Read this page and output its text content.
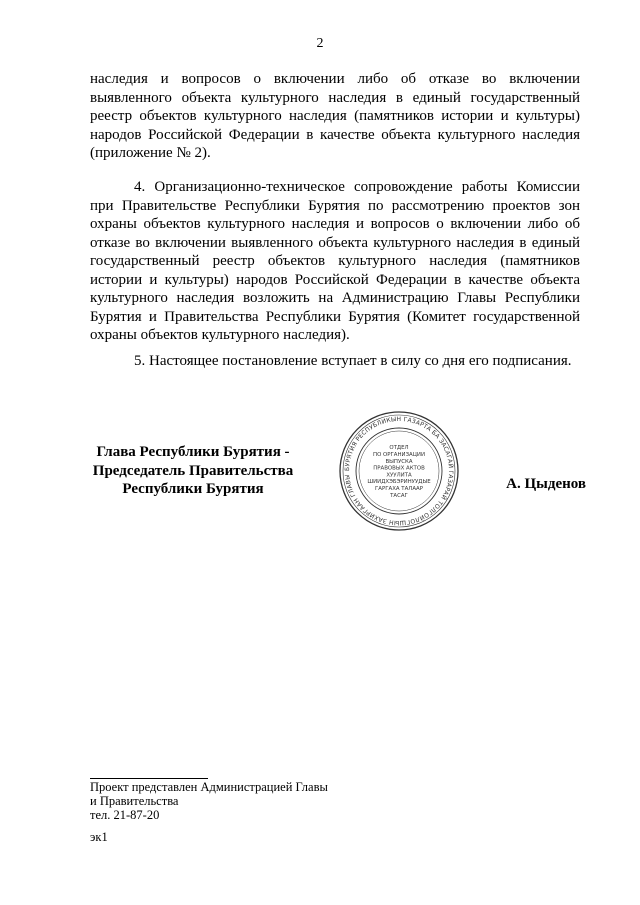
2
наследия и вопросов о включении либо об отказе во включении выявленного объекта культурного наследия в единый государственный реестр объектов культурного наследия (памятников истории и культуры) народов Российской Федерации в качестве объекта культурного наследия (приложение № 2).
4. Организационно-техническое сопровождение работы Комиссии при Правительстве Республики Бурятия по рассмотрению проектов зон охраны объектов культурного наследия и вопросов о включении либо об отказе во включении выявленного объекта культурного наследия в единый государственный реестр объектов культурного наследия (памятников истории и культуры) народов Российской Федерации в качестве объекта культурного наследия возложить на Администрацию Главы Республики Бурятия и Правительства Республики Бурятия (Комитет государственной охраны объектов культурного наследия).
5. Настоящее постановление вступает в силу со дня его подписания.
Глава Республики Бурятия -
Председатель Правительства
Республики Бурятия
БУРЯТИЯ РЕСПУБЛИКЫН ГАЗАРТА БА ЗАСАГАЙ ГАЗАРАЙ ТОЛГОЙЛОГШЫН ЗАХИРГААН ГЛАВЫ
ОТДЕЛ
ПО ОРГАНИЗАЦИИ
ВЫПУСКА
ПРАВОВЫХ АКТОВ
ХУУЛИТА
ШИИДХЭБЭРИНУУДЫЕ
ГАРГАХА ТАЛААР
ТАСАГ
А. Цыденов
Проект представлен Администрацией Главы
и Правительства
тел. 21-87-20
эк1
